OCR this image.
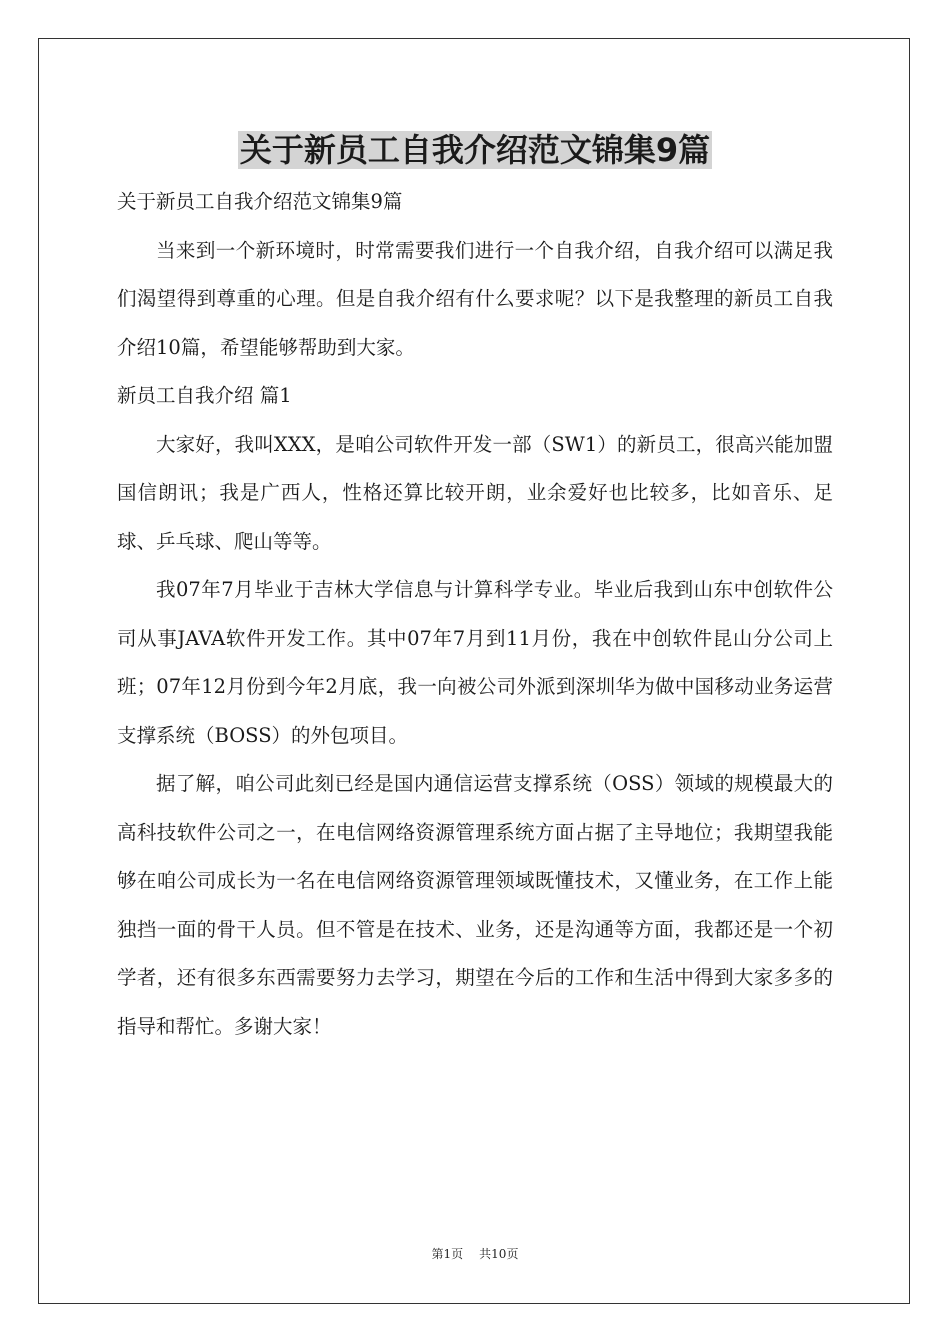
关于新员工自我介绍范文锦集9篇

关于新员工自我介绍范文锦集9篇

当来到一个新环境时，时常需要我们进行一个自我介绍，自我介绍可以满足我们渴望得到尊重的心理。但是自我介绍有什么要求呢？以下是我整理的新员工自我介绍10篇，希望能够帮助到大家。

新员工自我介绍 篇1

大家好，我叫XXX，是咱公司软件开发一部（SW1）的新员工，很高兴能加盟国信朗讯；我是广西人，性格还算比较开朗，业余爱好也比较多，比如音乐、足球、乒乓球、爬山等等。

我07年7月毕业于吉林大学信息与计算科学专业。毕业后我到山东中创软件公司从事JAVA软件开发工作。其中07年7月到11月份，我在中创软件昆山分公司上班；07年12月份到今年2月底，我一向被公司外派到深圳华为做中国移动业务运营支撑系统（BOSS）的外包项目。

据了解，咱公司此刻已经是国内通信运营支撑系统（OSS）领域的规模最大的高科技软件公司之一，在电信网络资源管理系统方面占据了主导地位；我期望我能够在咱公司成长为一名在电信网络资源管理领域既懂技术，又懂业务，在工作上能独挡一面的骨干人员。但不管是在技术、业务，还是沟通等方面，我都还是一个初学者，还有很多东西需要努力去学习，期望在今后的工作和生活中得到大家多多的指导和帮忙。多谢大家！

第1页 共10页
